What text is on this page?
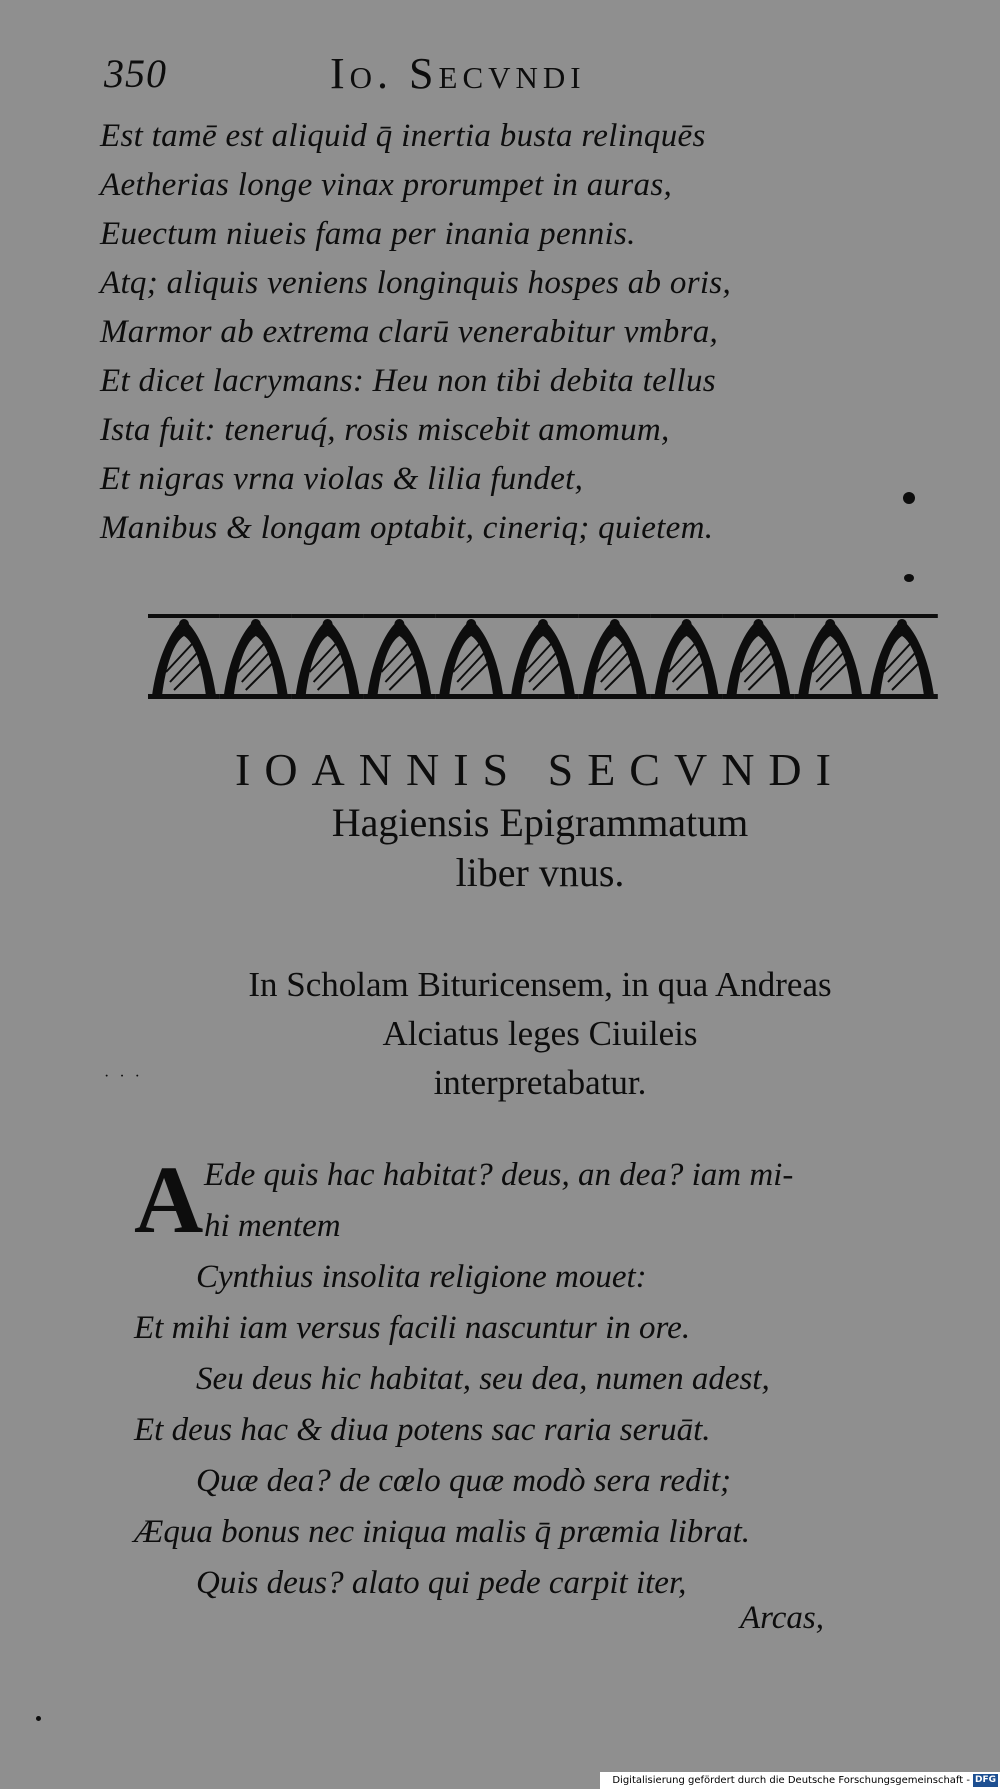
350	Io. Secvndi
Est tamē est aliquid q̄ inertia busta relinquēs
Aetherias longe vinax prorumpet in auras,
Euectum niueis fama per inania pennis.
Atq; aliquis veniens longinquis hospes ab oris,
Marmor ab extrema clarū venerabitur vmbra,
Et dicet lacrymans: Heu non tibi debita tellus
Ista fuit: teneruq́, rosis miscebit amomum,
Et nigras vrna violas & lilia fundet,
Manibus & longam optabit, cineriq; quietem.
IOANNIS SECVNDI
Hagiensis Epigrammatum
liber vnus.
In Scholam Bituricensem, in qua Andreas
Alciatus leges Ciuileis
interpretabatur.
· · ·
A Ede quis hac habitat? deus, an dea? iam mi-
hi mentem
Cynthius insolita religione mouet:
Et mihi iam versus facili nascuntur in ore.
Seu deus hic habitat, seu dea, numen adest,
Et deus hac & diua potens sac raria seruāt.
Quæ dea? de cœlo quæ modò sera redit;
Æqua bonus nec iniqua malis q̄ præmia librat.
Quis deus? alato qui pede carpit iter,
Arcas,
Digitalisierung gefördert durch die Deutsche Forschungsgemeinschaft - DFG
